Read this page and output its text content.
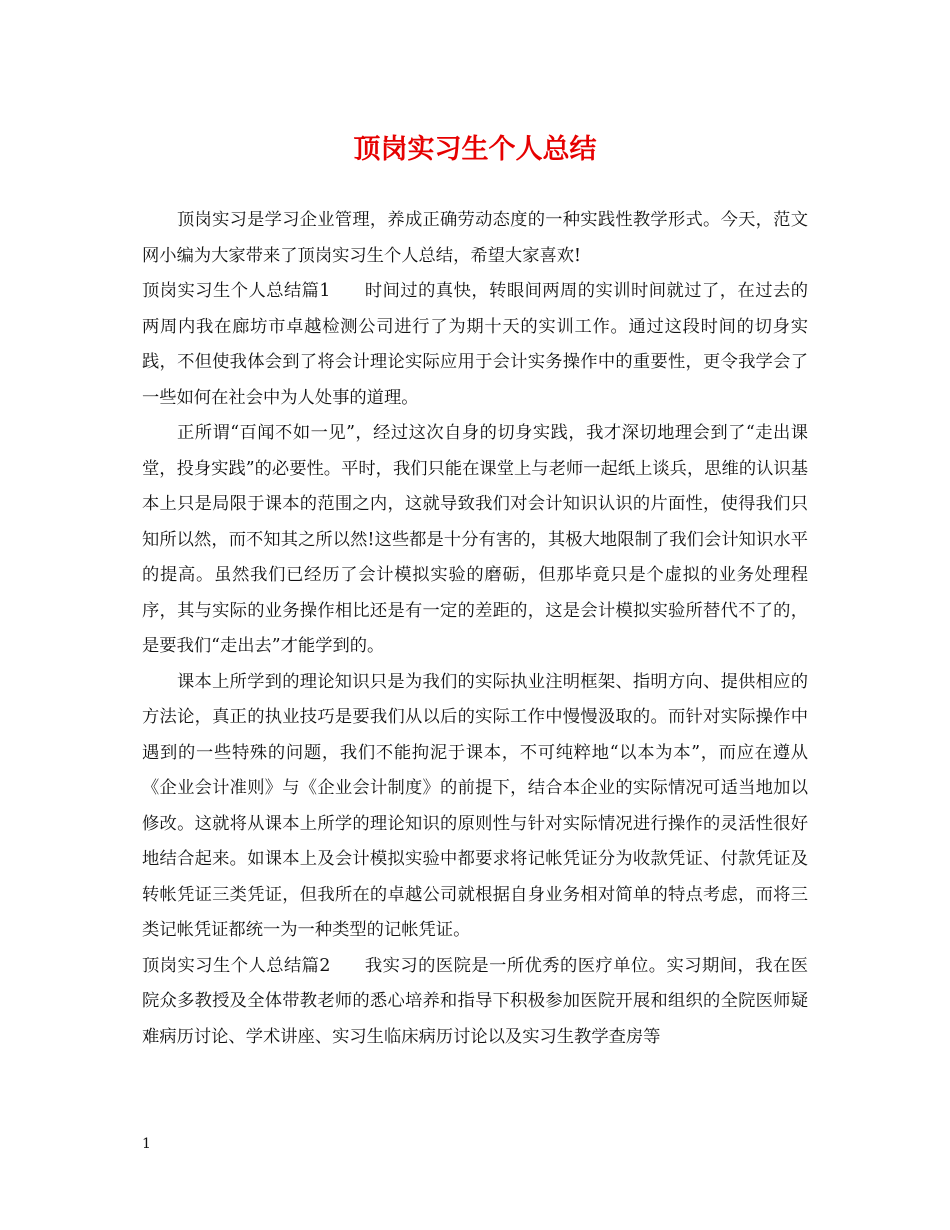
顶岗实习生个人总结

顶岗实习是学习企业管理，养成正确劳动态度的一种实践性教学形式。今天，范文网小编为大家带来了顶岗实习生个人总结，希望大家喜欢!

顶岗实习生个人总结篇1 时间过的真快，转眼间两周的实训时间就过了，在过去的两周内我在廊坊市卓越检测公司进行了为期十天的实训工作。通过这段时间的切身实践，不但使我体会到了将会计理论实际应用于会计实务操作中的重要性，更令我学会了一些如何在社会中为人处事的道理。

正所谓“百闻不如一见”，经过这次自身的切身实践，我才深切地理会到了“走出课堂，投身实践”的必要性。平时，我们只能在课堂上与老师一起纸上谈兵，思维的认识基本上只是局限于课本的范围之内，这就导致我们对会计知识认识的片面性，使得我们只知所以然，而不知其之所以然!这些都是十分有害的，其极大地限制了我们会计知识水平的提高。虽然我们已经历了会计模拟实验的磨砺，但那毕竟只是个虚拟的业务处理程序，其与实际的业务操作相比还是有一定的差距的，这是会计模拟实验所替代不了的，是要我们“走出去”才能学到的。

课本上所学到的理论知识只是为我们的实际执业注明框架、指明方向、提供相应的方法论，真正的执业技巧是要我们从以后的实际工作中慢慢汲取的。而针对实际操作中遇到的一些特殊的问题，我们不能拘泥于课本，不可纯粹地“以本为本”，而应在遵从《企业会计准则》与《企业会计制度》的前提下，结合本企业的实际情况可适当地加以修改。这就将从课本上所学的理论知识的原则性与针对实际情况进行操作的灵活性很好地结合起来。如课本上及会计模拟实验中都要求将记帐凭证分为收款凭证、付款凭证及转帐凭证三类凭证，但我所在的卓越公司就根据自身业务相对简单的特点考虑，而将三类记帐凭证都统一为一种类型的记帐凭证。

顶岗实习生个人总结篇2 我实习的医院是一所优秀的医疗单位。实习期间，我在医院众多教授及全体带教老师的悉心培养和指导下积极参加医院开展和组织的全院医师疑难病历讨论、学术讲座、实习生临床病历讨论以及实习生教学查房等

1
